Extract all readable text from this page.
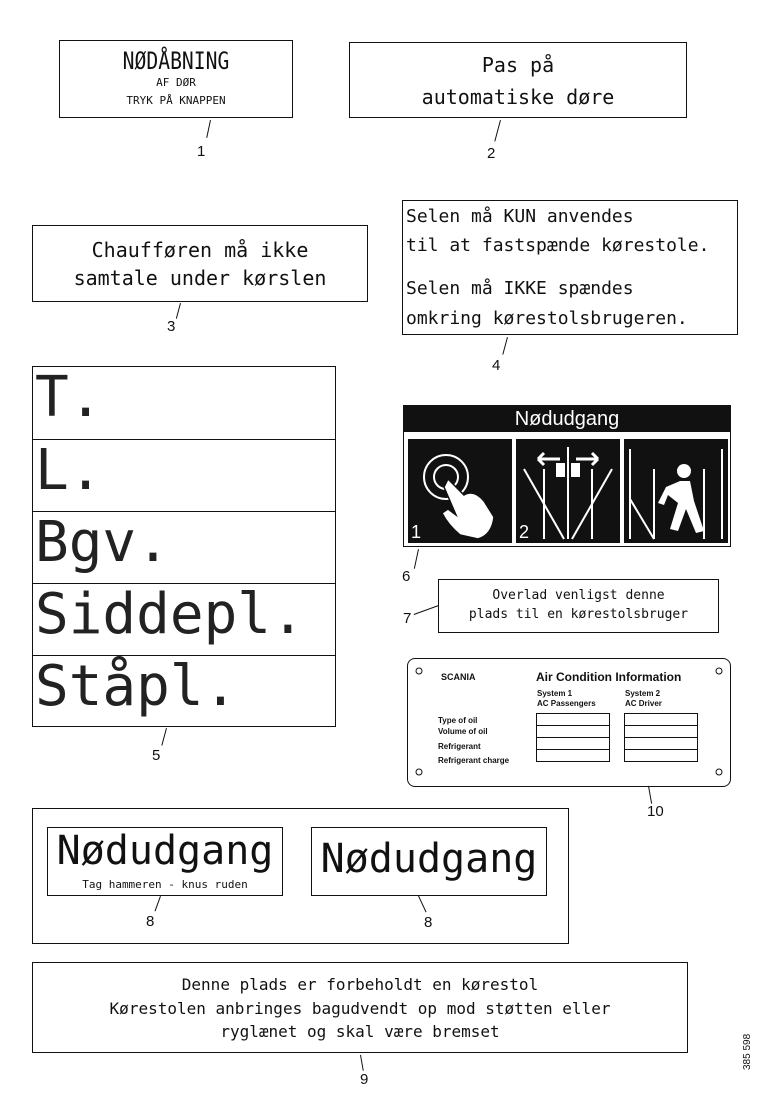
NØDÅBNING
AF DØR
TRYK PÅ KNAPPEN
1
Pas på
automatiske døre
2
Chaufføren må ikke
samtale under kørslen
3
Selen må KUN anvendes
til at fastspænde kørestole.
Selen må IKKE spændes
omkring kørestolsbrugeren.
4
T.
L.
Bgv.
Siddepl.
Ståpl.
5
Nødudgang
1	2
6
Overlad venligst denne
plads til en kørestolsbruger
7
SCANIA	Air Condition Information
System 1
AC Passengers
System 2
AC Driver
Type of oil
Volume of oil
Refrigerant
Refrigerant charge

10
Nødudgang
Tag hammeren - knus ruden
Nødudgang
8	8
Denne plads er forbeholdt en kørestol
Kørestolen anbringes bagudvendt op mod støtten eller
ryglænet og skal være bremset
9
385 598
